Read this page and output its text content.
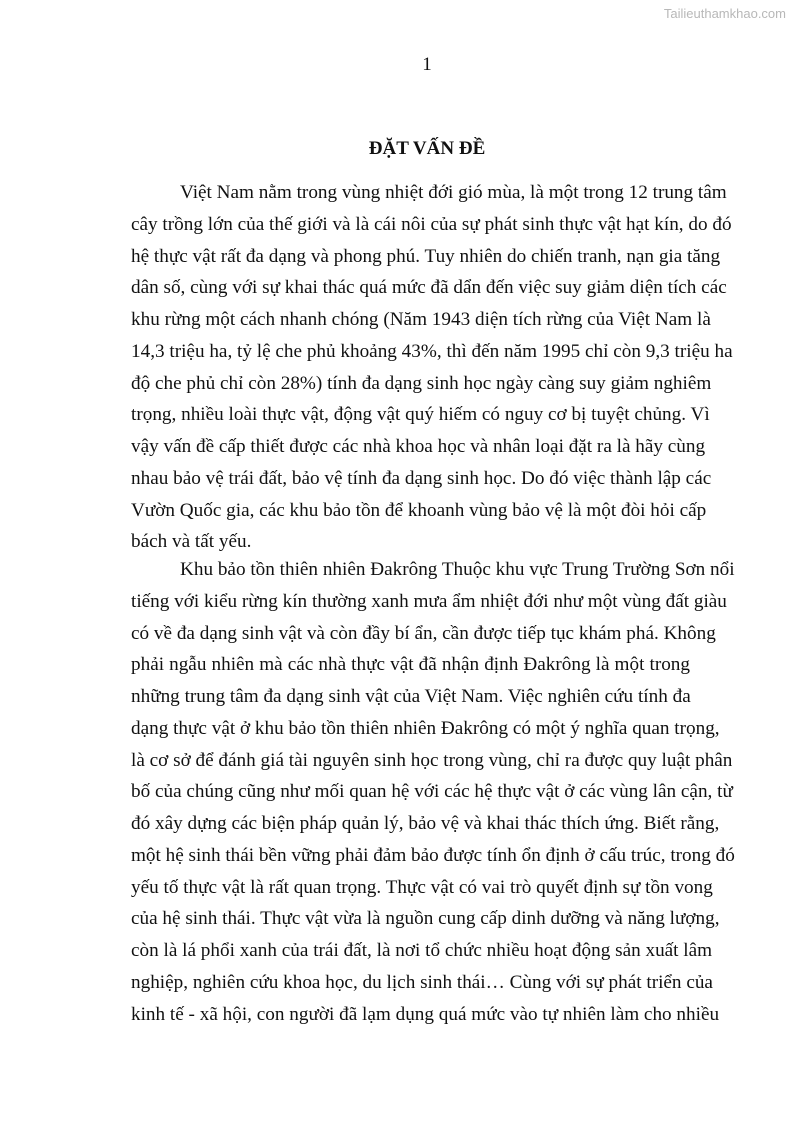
Tailieuthamkhao.com
1
ĐẶT VẤN ĐỀ
Việt Nam nằm trong vùng nhiệt đới gió mùa, là một trong 12 trung tâm
cây trồng lớn của thế giới và là cái nôi của sự phát sinh thực vật hạt kín, do đó
hệ thực vật rất đa dạng và phong phú. Tuy nhiên do chiến tranh, nạn gia tăng
dân số, cùng với sự khai thác quá mức đã dẩn đến việc suy giảm diện tích các
khu rừng một cách nhanh chóng (Năm 1943 diện tích rừng của Việt Nam là
14,3 triệu ha, tỷ lệ che phủ khoảng 43%, thì đến năm 1995 chỉ còn 9,3 triệu ha
độ che phủ chỉ còn 28%) tính đa dạng sinh học ngày càng suy giảm nghiêm
trọng, nhiều loài thực vật, động vật quý hiếm có nguy cơ bị tuyệt chủng. Vì
vậy vấn đề cấp thiết được các nhà khoa học và nhân loại đặt ra là hãy cùng
nhau bảo vệ trái đất, bảo vệ tính đa dạng sinh học. Do đó việc thành lập các
Vườn Quốc gia, các khu bảo tồn để khoanh vùng bảo vệ là một đòi hỏi cấp
bách và tất yếu.
Khu bảo tồn thiên nhiên Đakrông Thuộc khu vực Trung Trường Sơn nổi
tiếng với kiểu rừng kín thường xanh mưa ẩm nhiệt đới như một vùng đất giàu
có về đa dạng sinh vật và còn đầy bí ẩn, cần được tiếp tục khám phá. Không
phải ngẫu nhiên mà các nhà thực vật đã nhận định Đakrông là một trong
những trung tâm đa dạng sinh vật của Việt Nam. Việc nghiên cứu tính đa
dạng thực vật ở khu bảo tồn thiên nhiên Đakrông có một ý nghĩa quan trọng,
là cơ sở để đánh giá tài nguyên sinh học trong vùng, chỉ ra được quy luật phân
bố của chúng cũng như mối quan hệ với các hệ thực vật ở các vùng lân cận, từ
đó xây dựng các biện pháp quản lý, bảo vệ và khai thác thích ứng. Biết rằng,
một hệ sinh thái bền vững phải đảm bảo được tính ổn định ở cấu trúc, trong đó
yếu tố thực vật là rất quan trọng. Thực vật có vai trò quyết định sự tồn vong
của hệ sinh thái. Thực vật vừa là nguồn cung cấp dinh dưỡng và năng lượng,
còn là lá phổi xanh của trái đất, là nơi tổ chức nhiều hoạt động sản xuất lâm
nghiệp, nghiên cứu khoa học, du lịch sinh thái… Cùng với sự phát triển của
kinh tế - xã hội, con người đã lạm dụng quá mức vào tự nhiên làm cho nhiều
